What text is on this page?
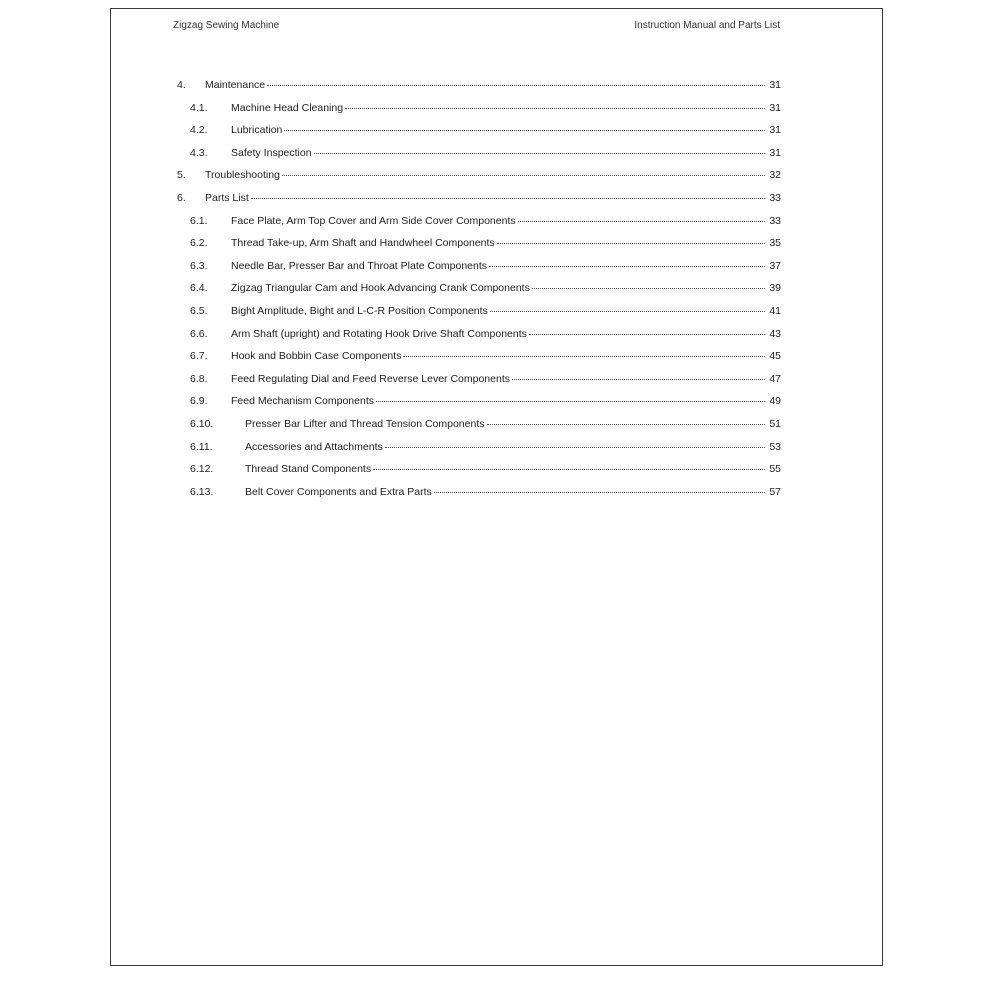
Zigzag Sewing Machine	Instruction Manual and Parts List
4.	Maintenance	31
4.1.	Machine Head Cleaning	31
4.2.	Lubrication	31
4.3.	Safety Inspection	31
5.	Troubleshooting	32
6.	Parts List	33
6.1.	Face Plate, Arm Top Cover and Arm Side Cover Components	33
6.2.	Thread Take-up, Arm Shaft and Handwheel Components	35
6.3.	Needle Bar, Presser Bar and Throat Plate Components	37
6.4.	Zigzag Triangular Cam and Hook Advancing Crank Components	39
6.5.	Bight Amplitude, Bight and L-C-R Position Components	41
6.6.	Arm Shaft (upright) and Rotating Hook Drive Shaft Components	43
6.7.	Hook and Bobbin Case Components	45
6.8.	Feed Regulating Dial and Feed Reverse Lever Components	47
6.9.	Feed Mechanism Components	49
6.10.	Presser Bar Lifter and Thread Tension Components	51
6.11.	Accessories and Attachments	53
6.12.	Thread Stand Components	55
6.13.	Belt Cover Components and Extra Parts	57
